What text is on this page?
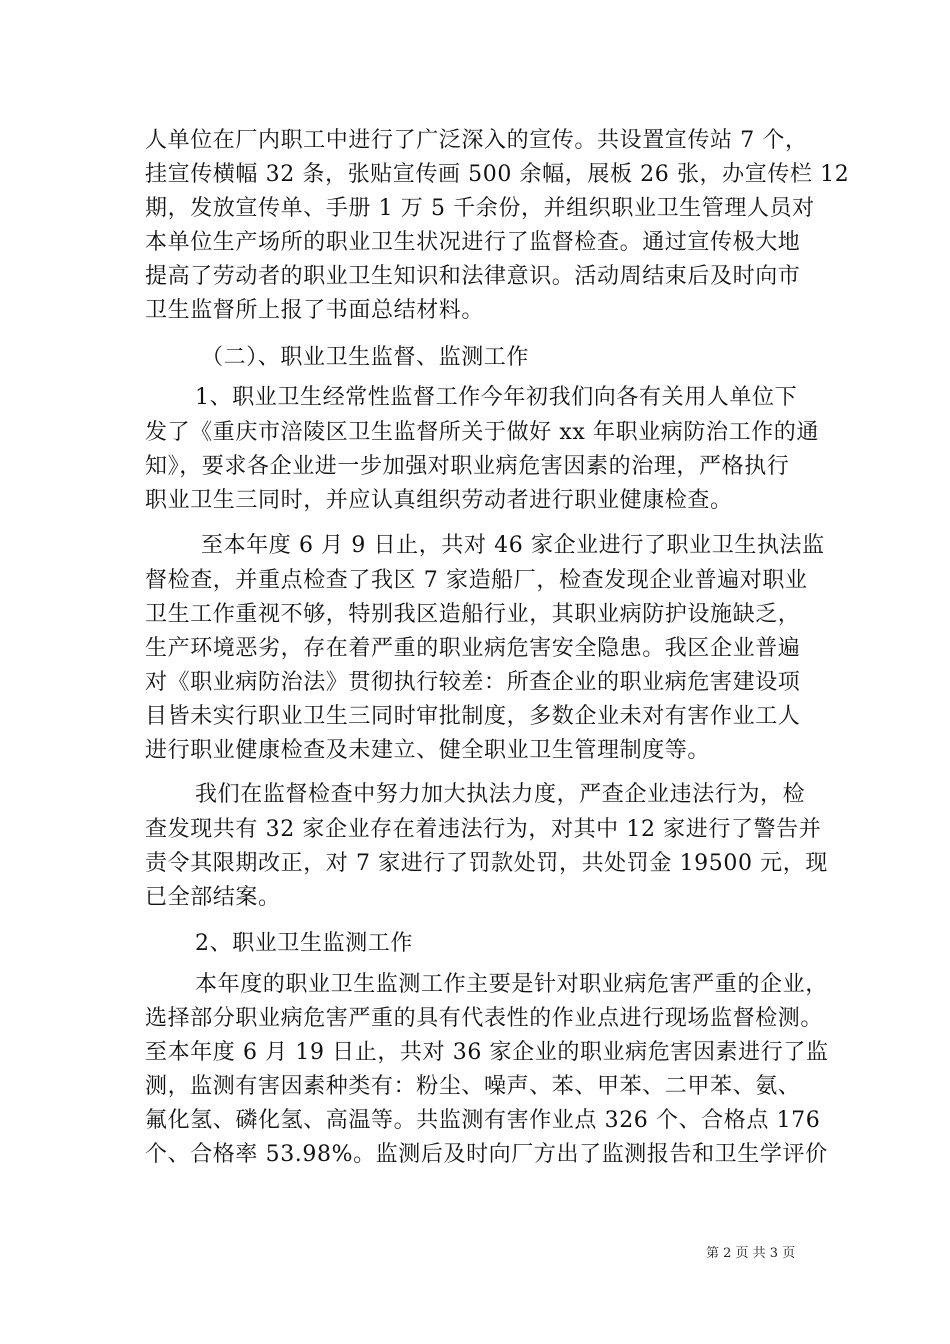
人单位在厂内职工中进行了广泛深入的宣传。共设置宣传站 7 个，
挂宣传横幅 32 条，张贴宣传画 500 余幅，展板 26 张，办宣传栏 12
期，发放宣传单、手册 1 万 5 千余份，并组织职业卫生管理人员对
本单位生产场所的职业卫生状况进行了监督检查。通过宣传极大地
提高了劳动者的职业卫生知识和法律意识。活动周结束后及时向市
卫生监督所上报了书面总结材料。
（二）、职业卫生监督、监测工作
1、职业卫生经常性监督工作今年初我们向各有关用人单位下
发了《重庆市涪陵区卫生监督所关于做好 xx 年职业病防治工作的通
知》，要求各企业进一步加强对职业病危害因素的治理，严格执行
职业卫生三同时，并应认真组织劳动者进行职业健康检查。
至本年度 6 月 9 日止，共对 46 家企业进行了职业卫生执法监
督检查，并重点检查了我区 7 家造船厂，检查发现企业普遍对职业
卫生工作重视不够，特别我区造船行业，其职业病防护设施缺乏，
生产环境恶劣，存在着严重的职业病危害安全隐患。我区企业普遍
对《职业病防治法》贯彻执行较差：所查企业的职业病危害建设项
目皆未实行职业卫生三同时审批制度，多数企业未对有害作业工人
进行职业健康检查及未建立、健全职业卫生管理制度等。
我们在监督检查中努力加大执法力度，严查企业违法行为，检
查发现共有 32 家企业存在着违法行为，对其中 12 家进行了警告并
责令其限期改正，对 7 家进行了罚款处罚，共处罚金 19500 元，现
已全部结案。
2、职业卫生监测工作
本年度的职业卫生监测工作主要是针对职业病危害严重的企业，
选择部分职业病危害严重的具有代表性的作业点进行现场监督检测。
至本年度 6 月 19 日止，共对 36 家企业的职业病危害因素进行了监
测，监测有害因素种类有：粉尘、噪声、苯、甲苯、二甲苯、氨、
氟化氢、磷化氢、高温等。共监测有害作业点 326 个、合格点 176
个、合格率 53.98%。监测后及时向厂方出了监测报告和卫生学评价
第 2 页 共 3 页
